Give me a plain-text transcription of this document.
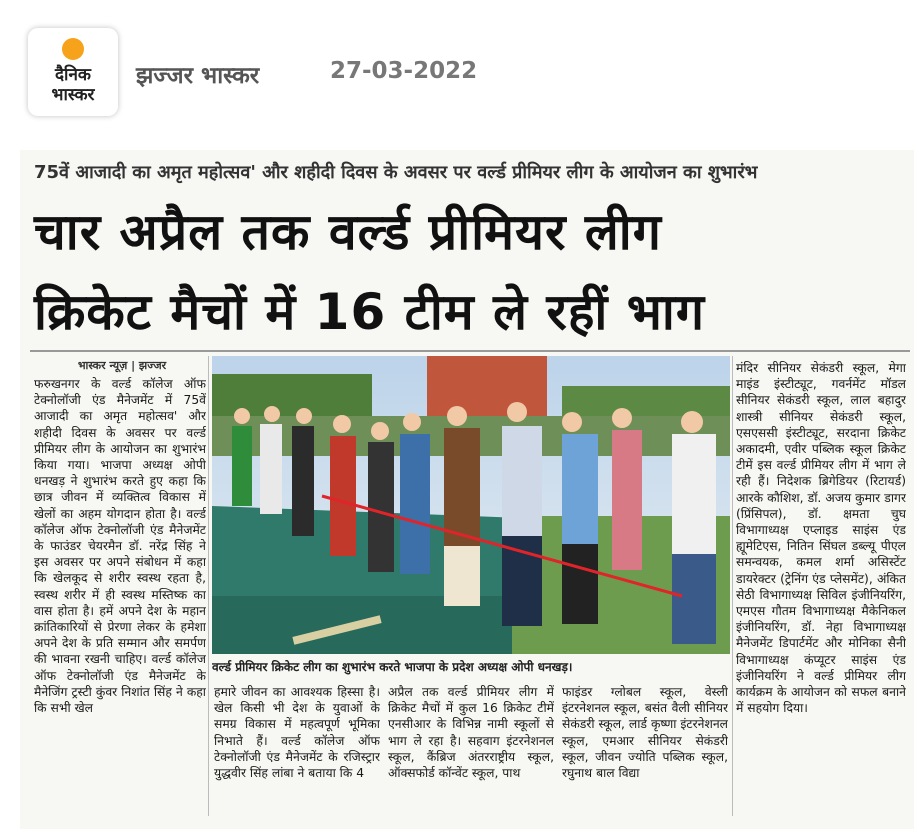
दैनिक
भास्कर
झज्जर भास्कर	27-03-2022
75वें आजादी का अमृत महोत्सव' और शहीदी दिवस के अवसर पर वर्ल्ड प्रीमियर लीग के आयोजन का शुभारंभ
चार अप्रैल तक वर्ल्ड प्रीमियर लीग
क्रिकेट मैचों में 16 टीम ले रहीं भाग
भास्कर न्यूज़ | झज्जर
फरुखनगर के वर्ल्ड कॉलेज ऑफ टेक्नोलॉजी एंड मैनेजमेंट में 75वें आजादी का अमृत महोत्सव' और शहीदी दिवस के अवसर पर वर्ल्ड प्रीमियर लीग के आयोजन का शुभारंभ किया गया। भाजपा अध्यक्ष ओपी धनखड़ ने शुभारंभ करते हुए कहा कि छात्र जीवन में व्यक्तित्व विकास में खेलों का अहम योगदान होता है। वर्ल्ड कॉलेज ऑफ टेक्नोलॉजी एंड मैनेजमेंट के फाउंडर चेयरमैन डॉ. नरेंद्र सिंह ने इस अवसर पर अपने संबोधन में कहा कि खेलकूद से शरीर स्वस्थ रहता है, स्वस्थ शरीर में ही स्वस्थ मस्तिष्क का वास होता है। हमें अपने देश के महान क्रांतिकारियों से प्रेरणा लेकर के हमेशा अपने देश के प्रति सम्मान और समर्पण की भावना रखनी चाहिए। वर्ल्ड कॉलेज ऑफ टेक्नोलॉजी एंड मैनेजमेंट के मैनेजिंग ट्रस्टी कुंवर निशांत सिंह ने कहा कि सभी खेल
वर्ल्ड प्रीमियर क्रिकेट लीग का शुभारंभ करते भाजपा के प्रदेश अध्यक्ष ओपी धनखड़।
हमारे जीवन का आवश्यक हिस्सा है। खेल किसी भी देश के युवाओं के समग्र विकास में महत्वपूर्ण भूमिका निभाते हैं। वर्ल्ड कॉलेज ऑफ टेक्नोलॉजी एंड मैनेजमेंट के रजिस्ट्रार युद्धवीर सिंह लांबा ने बताया कि 4
अप्रैल तक वर्ल्ड प्रीमियर लीग में क्रिकेट मैचों में कुल 16 क्रिकेट टीमें एनसीआर के विभिन्न नामी स्कूलों से भाग ले रहा है। सहवाग इंटरनेशनल स्कूल, कैंब्रिज अंतरराष्ट्रीय स्कूल, ऑक्सफोर्ड कॉन्वेंट स्कूल, पाथ
फाइंडर ग्लोबल स्कूल, वेस्ली इंटरनेशनल स्कूल, बसंत वैली सीनियर सेकंडरी स्कूल, लार्ड कृष्णा इंटरनेशनल स्कूल, एमआर सीनियर सेकंडरी स्कूल, जीवन ज्योति पब्लिक स्कूल, रघुनाथ बाल विद्या
मंदिर सीनियर सेकंडरी स्कूल, मेगा माइंड इंस्टीट्यूट, गवर्नमेंट मॉडल सीनियर सेकंडरी स्कूल, लाल बहादुर शास्त्री सीनियर सेकंडरी स्कूल, एसएससी इंस्टीट्यूट, सरदाना क्रिकेट अकादमी, एवीर पब्लिक स्कूल क्रिकेट टीमें इस वर्ल्ड प्रीमियर लीग में भाग ले रही हैं। निदेशक ब्रिगेडियर (रिटायर्ड) आरके कौशिश, डॉ. अजय कुमार डागर (प्रिंसिपल), डॉ. क्षमता चुघ विभागाध्यक्ष एप्लाइड साइंस एंड ह्यूमेटिएस, नितिन सिंघल डब्ल्यू पीएल समन्वयक, कमल शर्मा असिस्टेंट डायरेक्टर (ट्रेनिंग एंड प्लेसमेंट), अंकित सेठी विभागाध्यक्ष सिविल इंजीनियरिंग, एमएस गौतम विभागाध्यक्ष मैकेनिकल इंजीनियरिंग, डॉ. नेहा विभागाध्यक्ष मैनेजमेंट डिपार्टमेंट और मोनिका सैनी विभागाध्यक्ष कंप्यूटर साइंस एंड इंजीनियरिंग ने वर्ल्ड प्रीमियर लीग कार्यक्रम के आयोजन को सफल बनाने में सहयोग दिया।
